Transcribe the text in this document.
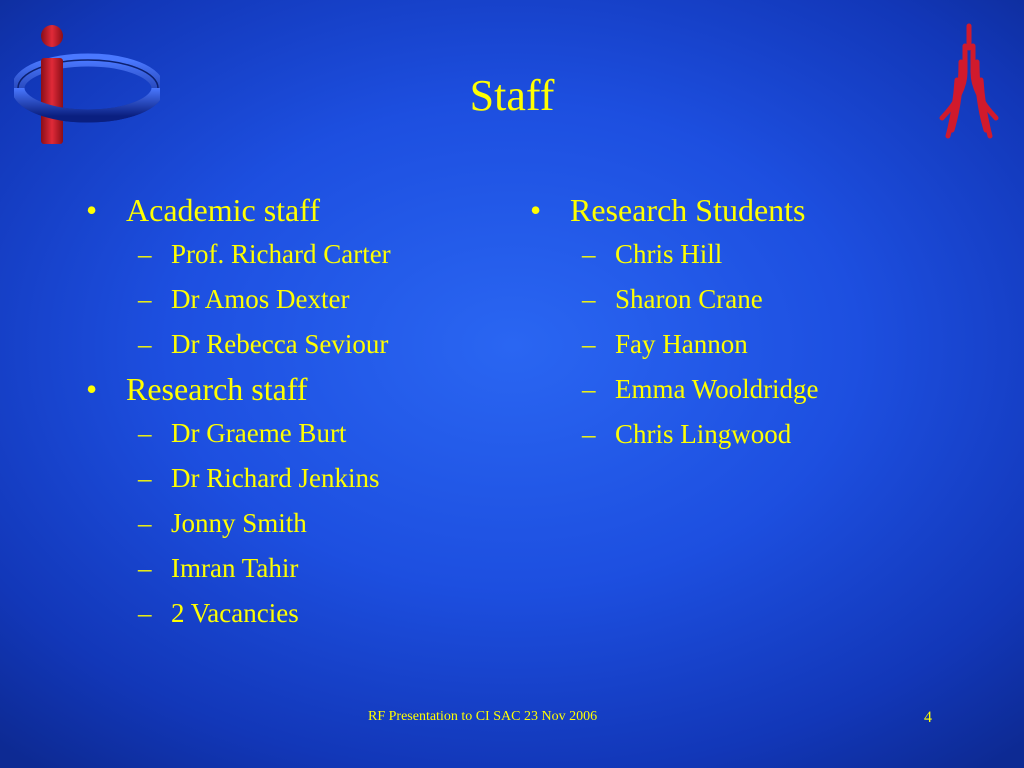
Staff
• Academic staff
– Prof. Richard Carter
– Dr Amos Dexter
– Dr Rebecca Seviour
• Research staff
– Dr Graeme Burt
– Dr Richard Jenkins
– Jonny Smith
– Imran Tahir
– 2 Vacancies
• Research Students
– Chris Hill
– Sharon Crane
– Fay Hannon
– Emma Wooldridge
– Chris Lingwood
RF Presentation to CI SAC 23 Nov 2006	4
